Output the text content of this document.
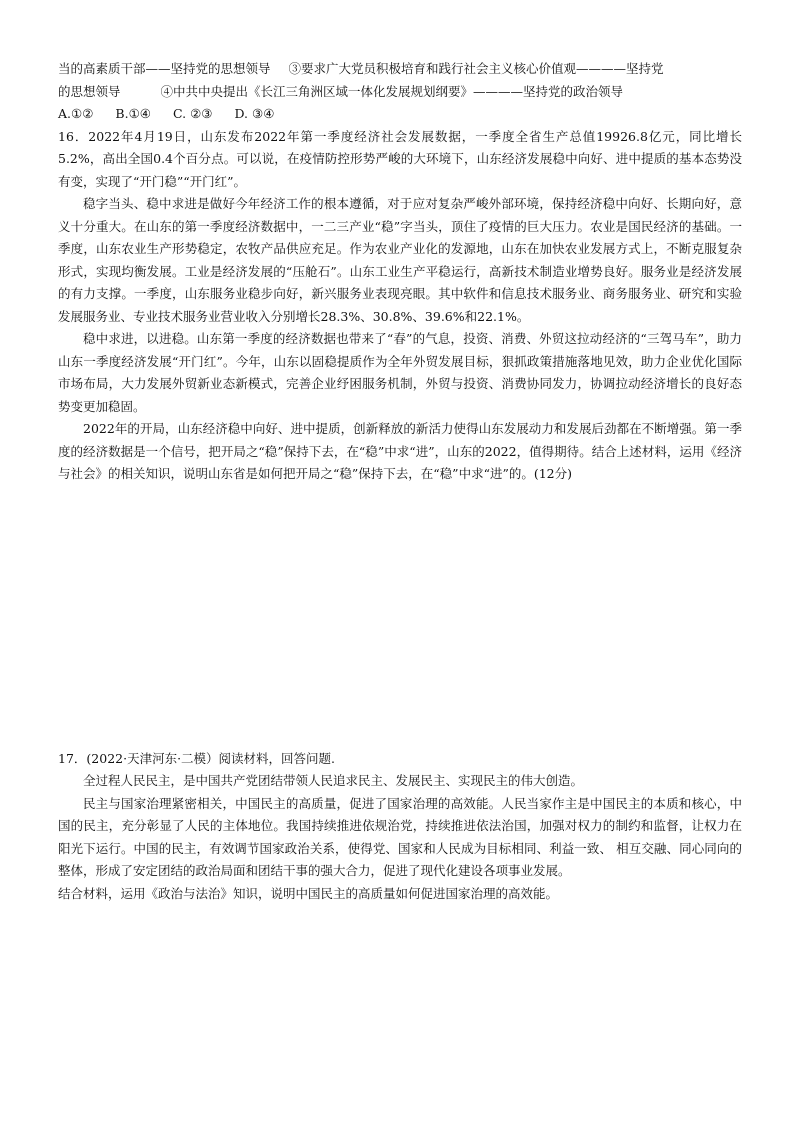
当的高素质干部——坚持党的思想领导 ③要求广大党员积极培育和践行社会主义核心价值观————坚持党

的思想领导	④中共中央提出《长江三角洲区域一体化发展规划纲要》————坚持党的政治领导

A.①② B.①④ C. ②③ D. ③④

16．2022年4月19日，山东发布2022年第一季度经济社会发展数据，一季度全省生产总值19926.8亿元，同比增长5.2%，高出全国0.4个百分点。可以说，在疫情防控形势严峻的大环境下，山东经济发展稳中向好、进中提质的基本态势没有变，实现了“开门稳”“开门红”。

稳字当头、稳中求进是做好今年经济工作的根本遵循，对于应对复杂严峻外部环境，保持经济稳中向好、长期向好，意义十分重大。在山东的第一季度经济数据中，一二三产业“稳”字当头，顶住了疫情的巨大压力。农业是国民经济的基础。一季度，山东农业生产形势稳定，农牧产品供应充足。作为农业产业化的发源地，山东在加快农业发展方式上，不断克服复杂形式，实现均衡发展。工业是经济发展的“压舱石”。山东工业生产平稳运行，高新技术制造业增势良好。服务业是经济发展的有力支撑。一季度，山东服务业稳步向好，新兴服务业表现亮眼。其中软件和信息技术服务业、商务服务业、研究和实验发展服务业、专业技术服务业营业收入分别增长28.3%、30.8%、39.6%和22.1%。

稳中求进，以进稳。山东第一季度的经济数据也带来了“春”的气息，投资、消费、外贸这拉动经济的“三驾马车”，助力山东一季度经济发展“开门红”。今年，山东以固稳提质作为全年外贸发展目标，狠抓政策措施落地见效，助力企业优化国际市场布局，大力发展外贸新业态新模式，完善企业纾困服务机制，外贸与投资、消费协同发力，协调拉动经济增长的良好态势变更加稳固。

2022年的开局，山东经济稳中向好、进中提质，创新释放的新活力使得山东发展动力和发展后劲都在不断增强。第一季度的经济数据是一个信号，把开局之“稳”保持下去，在“稳”中求“进”，山东的2022，值得期待。结合上述材料，运用《经济与社会》的相关知识，说明山东省是如何把开局之“稳”保持下去，在“稳”中求“进”的。(12分)

17．(2022·天津河东·二模）阅读材料，回答问题.

全过程人民民主，是中国共产党团结带领人民追求民主、发展民主、实现民主的伟大创造。

民主与国家治理紧密相关，中国民主的高质量，促进了国家治理的高效能。人民当家作主是中国民主的本质和核心，中国的民主，充分彰显了人民的主体地位。我国持续推进依规治党，持续推进依法治国，加强对权力的制约和监督，让权力在阳光下运行。中国的民主，有效调节国家政治关系，使得党、国家和人民成为目标相同、利益一致、 相互交融、同心同向的整体，形成了安定团结的政治局面和团结干事的强大合力，促进了现代化建设各项事业发展。

结合材料，运用《政治与法治》知识，说明中国民主的高质量如何促进国家治理的高效能。
